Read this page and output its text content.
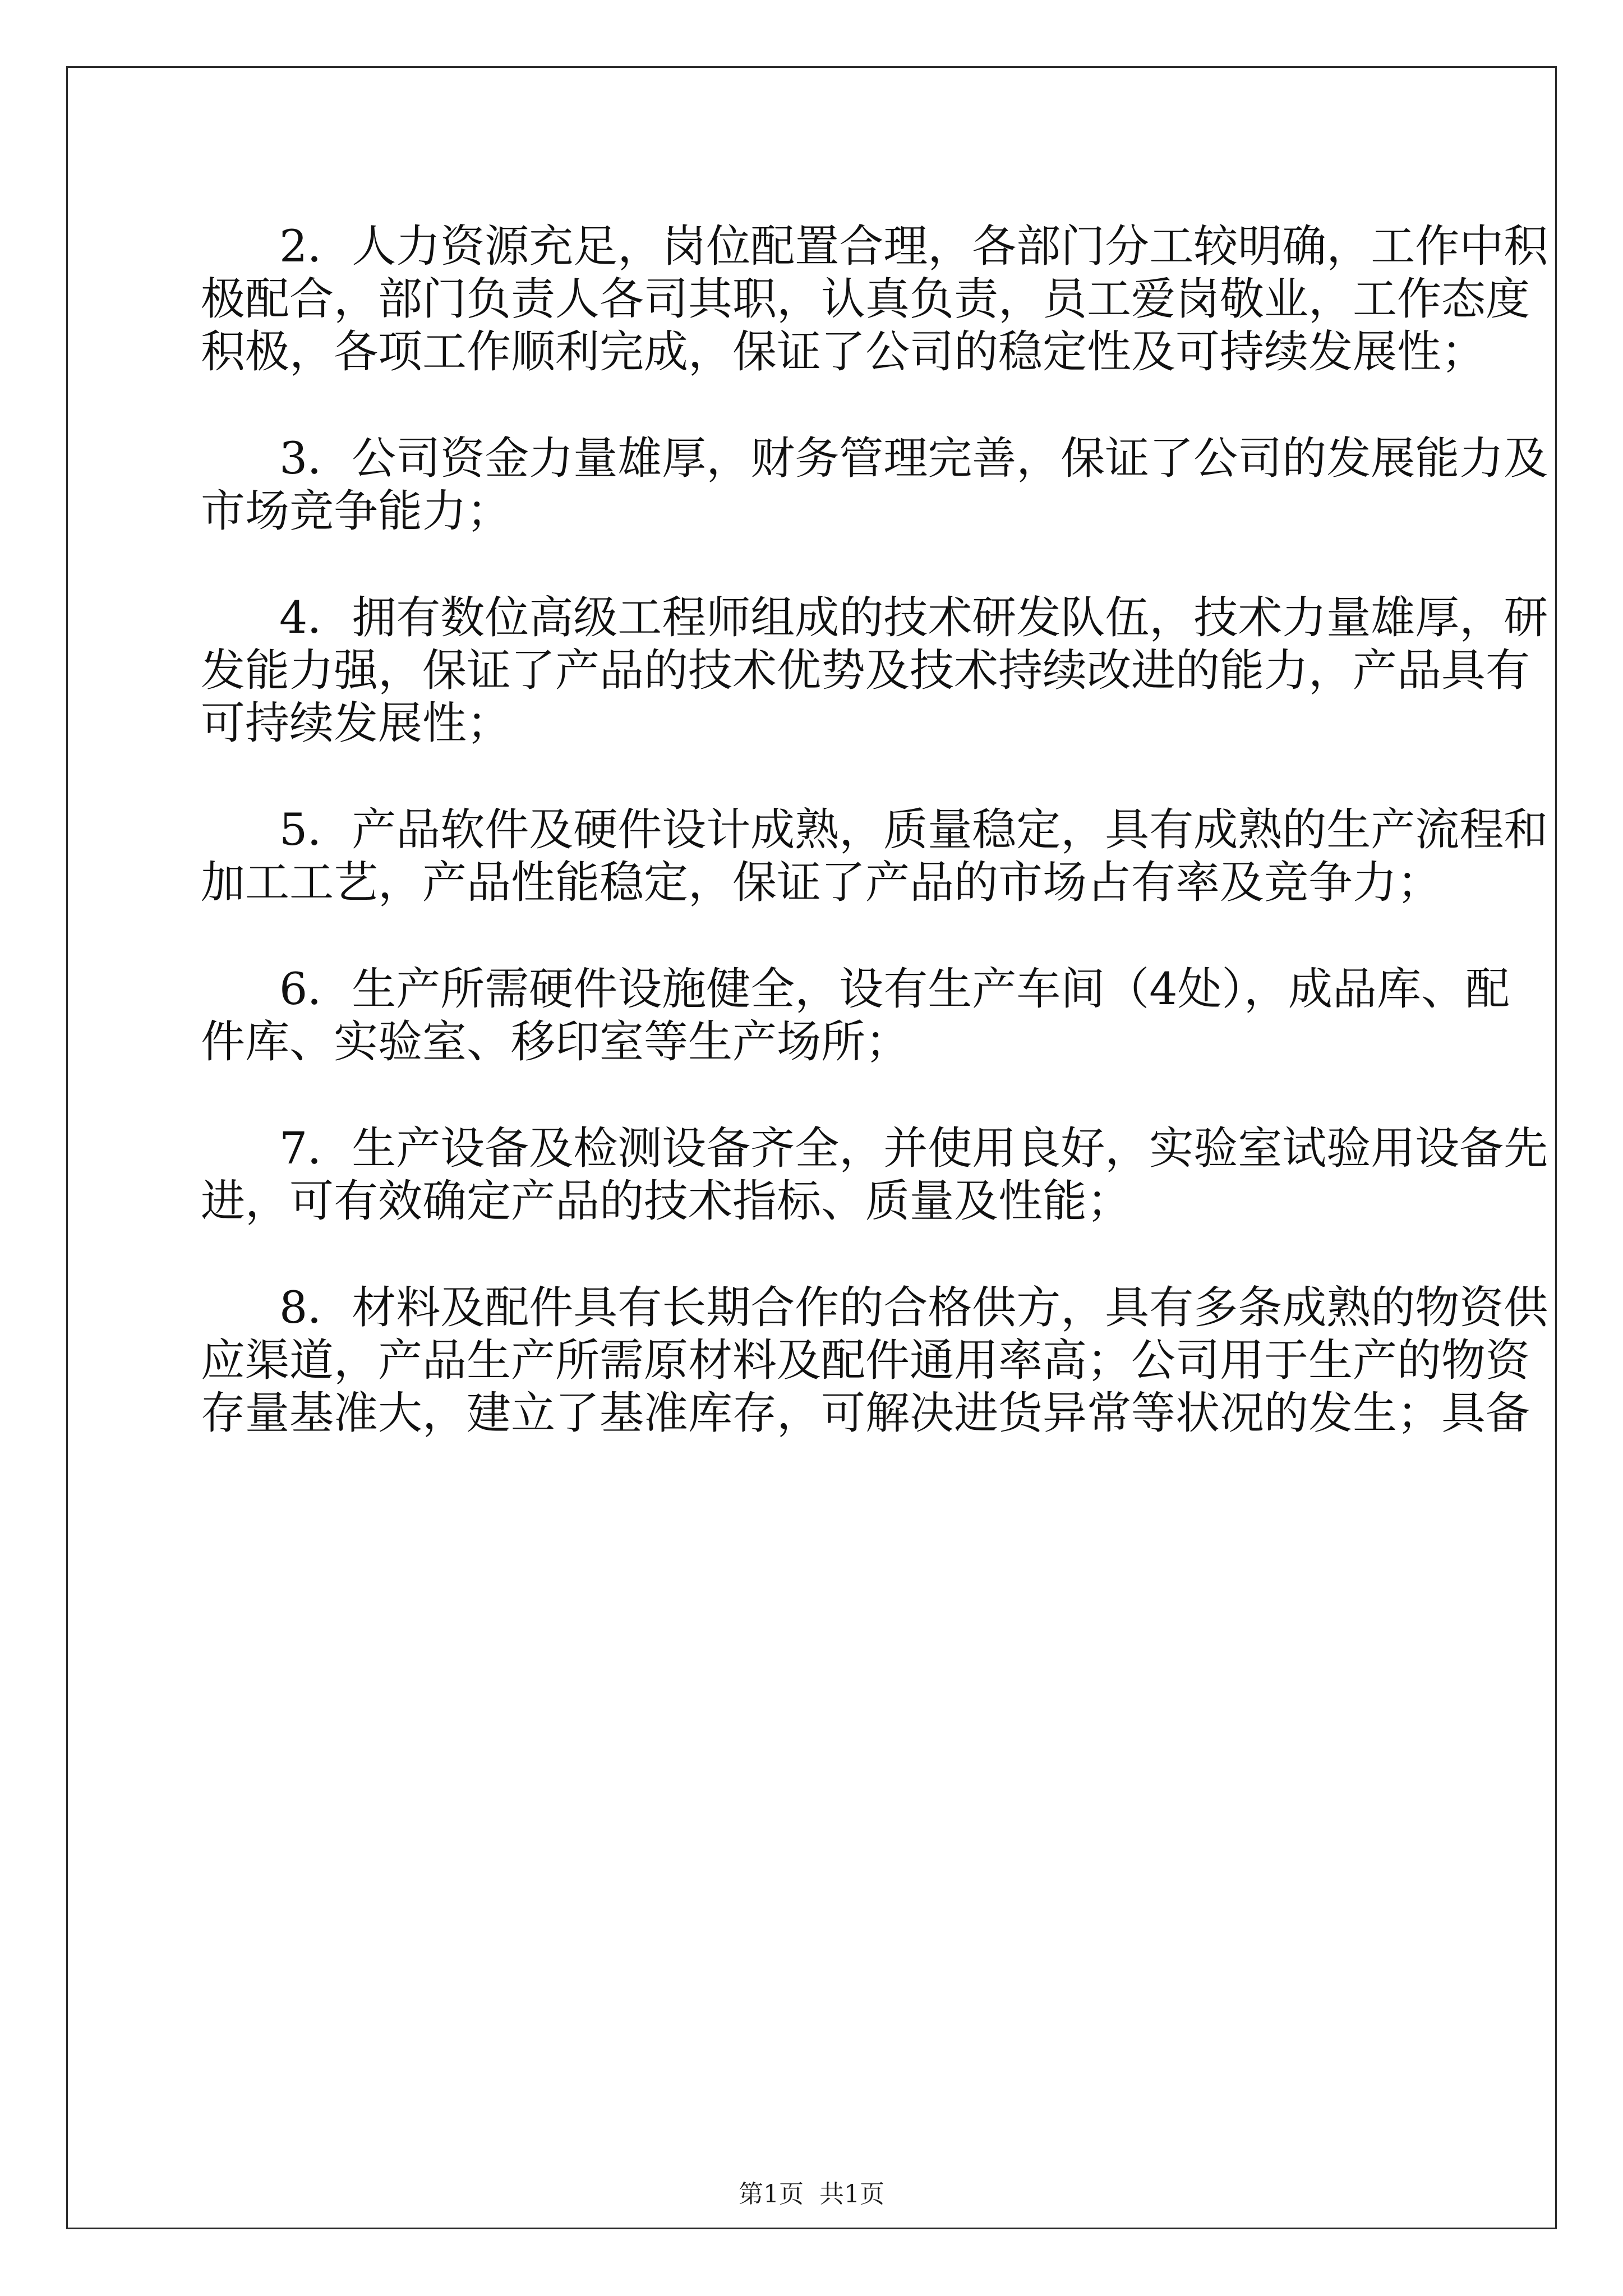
2．人力资源充足，岗位配置合理，各部门分工较明确，工作中积

极配合，部门负责人各司其职，认真负责，员工爱岗敬业，工作态度

积极，各项工作顺利完成，保证了公司的稳定性及可持续发展性；

3．公司资金力量雄厚，财务管理完善，保证了公司的发展能力及

市场竞争能力；

4．拥有数位高级工程师组成的技术研发队伍，技术力量雄厚，研

发能力强，保证了产品的技术优势及技术持续改进的能力，产品具有

可持续发展性；

5．产品软件及硬件设计成熟，质量稳定，具有成熟的生产流程和

加工工艺，产品性能稳定，保证了产品的市场占有率及竞争力；

6．生产所需硬件设施健全，设有生产车间（4处），成品库、配

件库、实验室、移印室等生产场所；

7．生产设备及检测设备齐全，并使用良好，实验室试验用设备先

进，可有效确定产品的技术指标、质量及性能；

8．材料及配件具有长期合作的合格供方，具有多条成熟的物资供

应渠道，产品生产所需原材料及配件通用率高；公司用于生产的物资

存量基准大，建立了基准库存，可解决进货异常等状况的发生；具备

第1页 共1页
